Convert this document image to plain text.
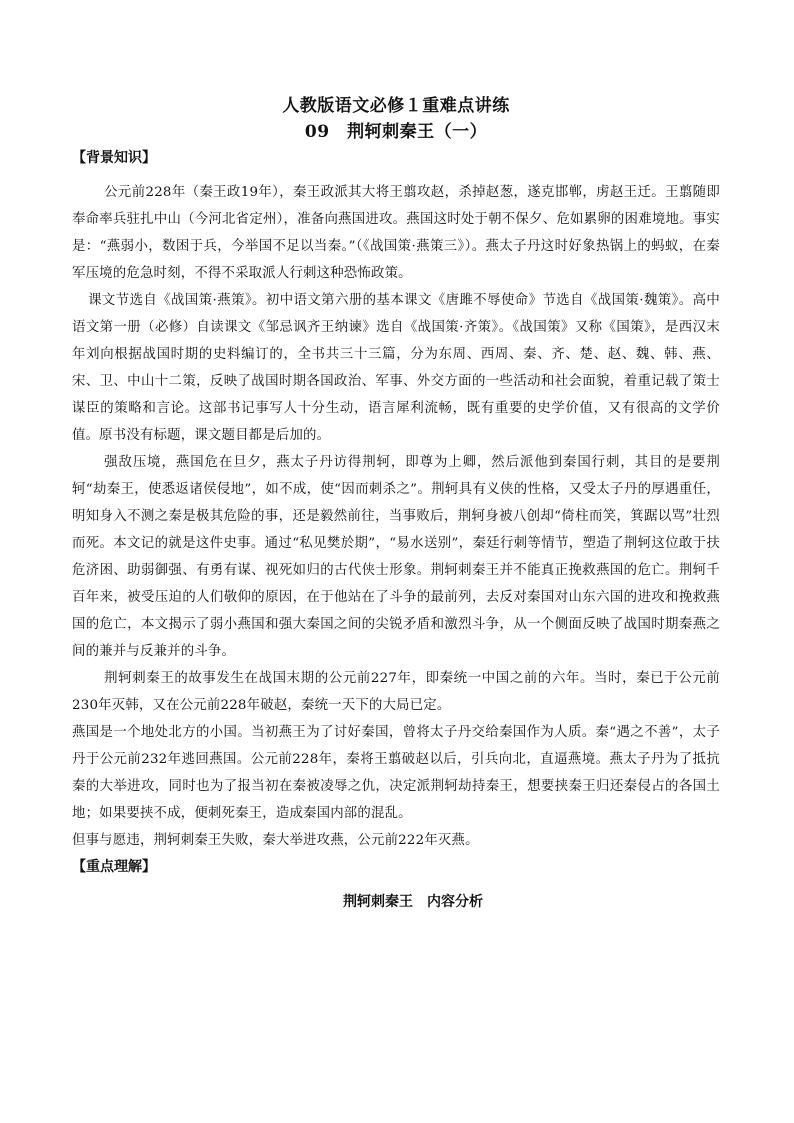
人教版语文必修１重难点讲练
09　荆轲刺秦王（一）
【背景知识】

公元前228年（秦王政19年），秦王政派其大将王翦攻赵，杀掉赵葱，遂克邯郸，虏赵王迁。王翦随即奉命率兵驻扎中山（今河北省定州），准备向燕国进攻。燕国这时处于朝不保夕、危如累卵的困难境地。事实是：“燕弱小，数困于兵，今举国不足以当秦。”（《战国策·燕策三》）。燕太子丹这时好象热锅上的蚂蚁，在秦军压境的危急时刻，不得不采取派人行刺这种恐怖政策。

课文节选自《战国策·燕策》。初中语文第六册的基本课文《唐雎不辱使命》节选自《战国策·魏策》。高中语文第一册（必修）自读课文《邹忌讽齐王纳谏》选自《战国策·齐策》。《战国策》又称《国策》，是西汉末年刘向根据战国时期的史料编订的，全书共三十三篇，分为东周、西周、秦、齐、楚、赵、魏、韩、燕、宋、卫、中山十二策，反映了战国时期各国政治、军事、外交方面的一些活动和社会面貌，着重记载了策士谋臣的策略和言论。这部书记事写人十分生动，语言犀利流畅，既有重要的史学价值，又有很高的文学价值。原书没有标题，课文题目都是后加的。

强敌压境，燕国危在旦夕，燕太子丹访得荆轲，即尊为上卿，然后派他到秦国行刺，其目的是要荆轲“劫秦王，使悉返诸侯侵地”，如不成，使“因而刺杀之”。荆轲具有义侠的性格，又受太子丹的厚遇重任，明知身入不测之秦是极其危险的事，还是毅然前往，当事败后，荆轲身被八创却“倚柱而笑，箕踞以骂”壮烈而死。本文记的就是这件史事。通过“私见樊於期”，“易水送别”，秦廷行刺等情节，塑造了荆轲这位敢于扶危济困、助弱御强、有勇有谋、视死如归的古代侠士形象。荆轲刺秦王并不能真正挽救燕国的危亡。荆轲千百年来，被受压迫的人们敬仰的原因，在于他站在了斗争的最前列，去反对秦国对山东六国的进攻和挽救燕国的危亡，本文揭示了弱小燕国和强大秦国之间的尖锐矛盾和激烈斗争，从一个侧面反映了战国时期秦燕之间的兼并与反兼并的斗争。

荆轲刺秦王的故事发生在战国末期的公元前227年，即秦统一中国之前的六年。当时，秦已于公元前230年灭韩，又在公元前228年破赵，秦统一天下的大局已定。

燕国是一个地处北方的小国。当初燕王为了讨好秦国，曾将太子丹交给秦国作为人质。秦“遇之不善”，太子丹于公元前232年逃回燕国。公元前228年，秦将王翦破赵以后，引兵向北，直逼燕境。燕太子丹为了抵抗秦的大举进攻，同时也为了报当初在秦被凌辱之仇，决定派荆轲劫持秦王，想要挟秦王归还秦侵占的各国土地；如果要挟不成，便刺死秦王，造成秦国内部的混乱。

但事与愿违，荆轲刺秦王失败，秦大举进攻燕，公元前222年灭燕。

【重点理解】
荆轲刺秦王　内容分析
